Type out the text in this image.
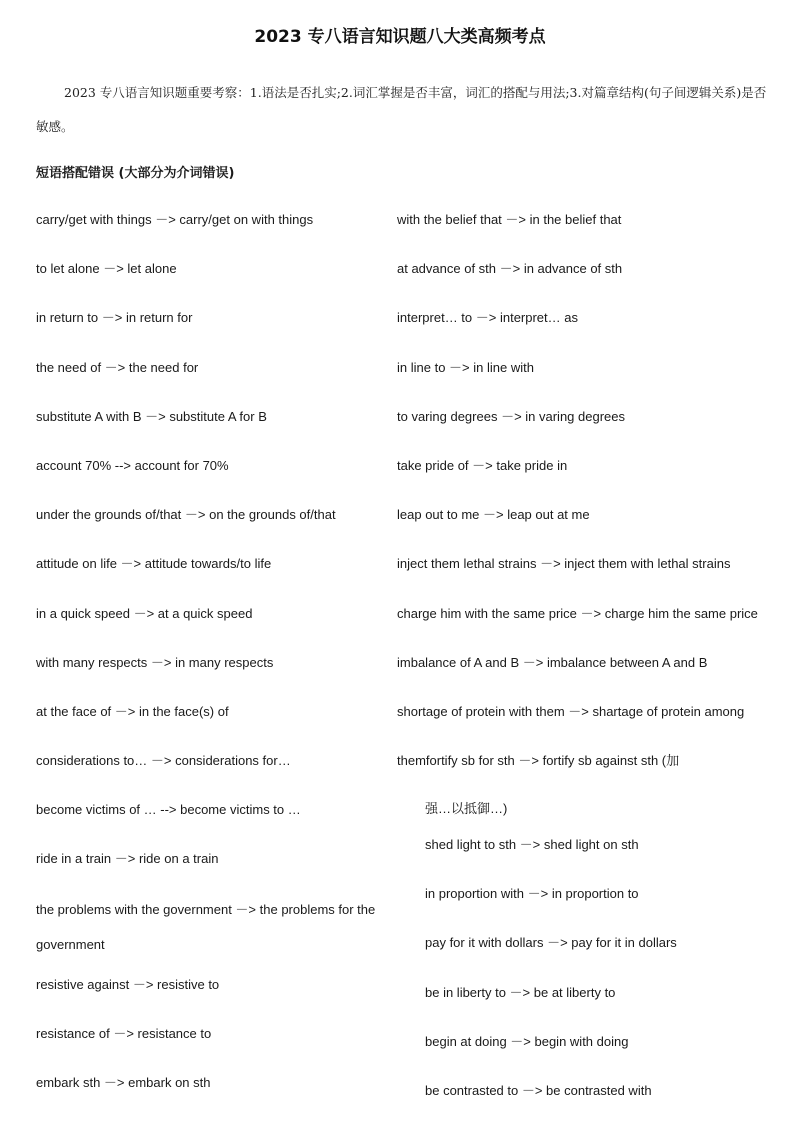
2023 专八语言知识题八大类高频考点
2023 专八语言知识题重要考察：1.语法是否扎实;2.词汇掌握是否丰富，词汇的搭配与用法;3.对篇章结构(句子间逻辑关系)是否敏感。
短语搭配错误 (大部分为介词错误)
carry/get with things －> carry/get on with things
to let alone －> let alone
in return to －> in return for
the need of －> the need for
substitute A with B －> substitute A for B
account 70% --> account for 70%
under the grounds of/that －> on the grounds of/that
attitude on life －> attitude towards/to life
in a quick speed －> at a quick speed
with many respects －> in many respects
at the face of －> in the face(s) of
considerations to… －> considerations for…
become victims of … --> become victims to …
ride in a train －> ride on a train
the problems with the government －> the problems for the government
resistive against －> resistive to
resistance of －> resistance to
embark sth －> embark on sth
with the belief that －> in the belief that
at advance of sth －> in advance of sth
interpret… to －> interpret… as
in line to －> in line with
to varing degrees －> in varing degrees
take pride of －> take pride in
leap out to me －> leap out at me
inject them lethal strains －> inject them with lethal strains
charge him with the same price －> charge him the same price
imbalance of A and B －> imbalance between A and B
shortage of protein with them －> shartage of protein among
themfortify sb for sth －> fortify sb against sth (加
强…以抵御…)
shed light to sth －> shed light on sth
in proportion with －> in proportion to
pay for it with dollars －> pay for it in dollars
be in liberty to －> be at liberty to
begin at doing －> begin with doing
be contrasted to －> be contrasted with
